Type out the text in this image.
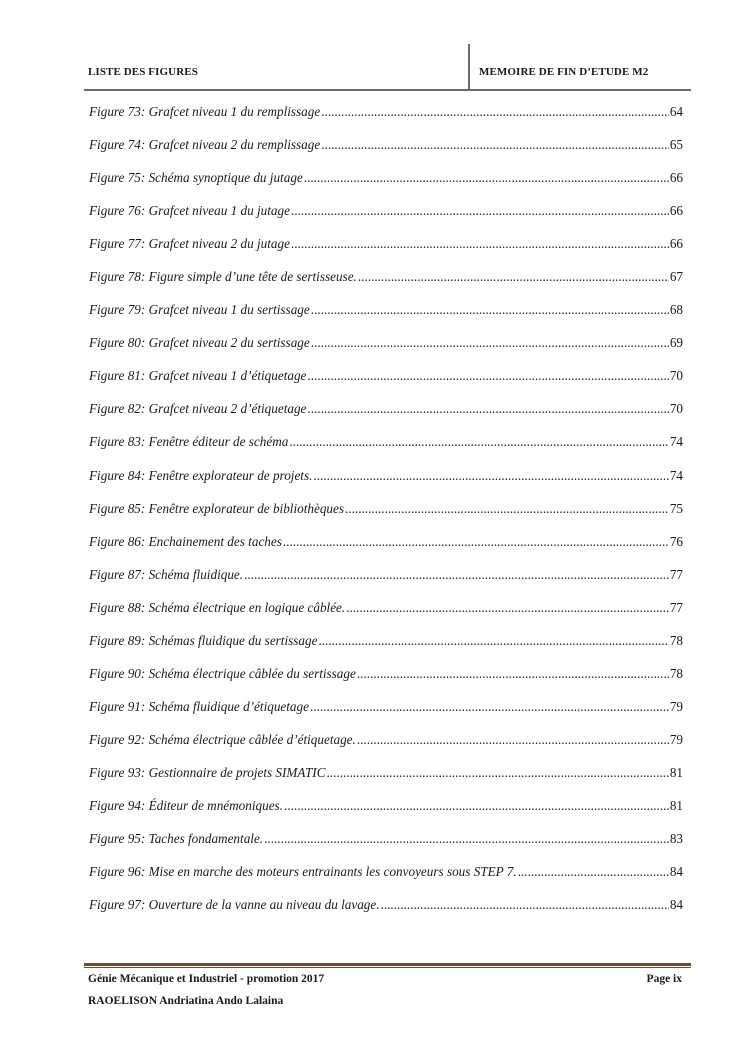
LISTE DES FIGURES	MEMOIRE DE FIN D’ETUDE M2
Figure 73: Grafcet niveau 1 du remplissage .....	64
Figure 74: Grafcet niveau 2 du remplissage .....	65
Figure 75: Schéma synoptique du jutage .....	66
Figure 76: Grafcet niveau 1 du jutage .....	66
Figure 77: Grafcet niveau 2 du jutage .....	66
Figure 78: Figure simple d’une tête de sertisseuse. .....	67
Figure 79: Grafcet niveau 1 du sertissage .....	68
Figure 80: Grafcet niveau 2 du sertissage .....	69
Figure 81: Grafcet niveau 1 d’étiquetage .....	70
Figure 82: Grafcet niveau 2 d’étiquetage .....	70
Figure 83: Fenêtre éditeur de schéma .....	74
Figure 84: Fenêtre explorateur de projets. .....	74
Figure 85: Fenêtre explorateur de bibliothèques .....	75
Figure 86: Enchainement des taches .....	76
Figure 87: Schéma fluidique. .....	77
Figure 88: Schéma électrique en logique câblée. .....	77
Figure 89: Schémas fluidique du sertissage .....	78
Figure 90: Schéma électrique câblée du sertissage .....	78
Figure 91: Schéma fluidique d’étiquetage .....	79
Figure 92: Schéma électrique câblée d’étiquetage. .....	79
Figure 93: Gestionnaire de projets SIMATIC .....	81
Figure 94: Éditeur de mnémoniques. .....	81
Figure 95: Taches fondamentale. .....	83
Figure 96: Mise en marche des moteurs entrainants les convoyeurs sous STEP 7. .....	84
Figure 97: Ouverture de la vanne au niveau du lavage. .....	84
Génie Mécanique et Industriel - promotion 2017	Page ix
RAOELISON Andriatina Ando Lalaina
